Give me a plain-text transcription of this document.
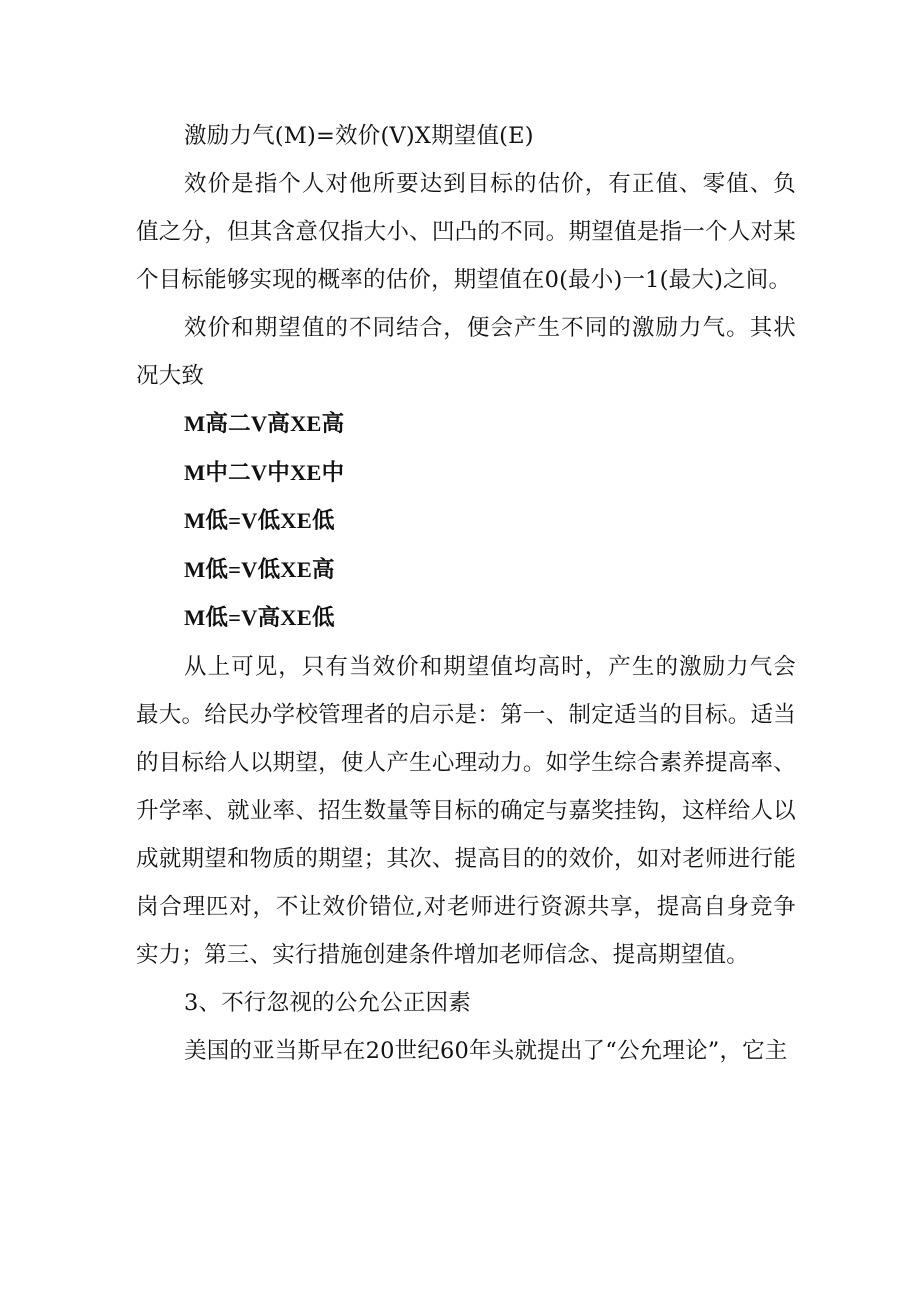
激励力气(M)=效价(V)X期望值(E)

效价是指个人对他所要达到目标的估价，有正值、零值、负值之分，但其含意仅指大小、凹凸的不同。期望值是指一个人对某个目标能够实现的概率的估价，期望值在0(最小)一1(最大)之间。

效价和期望值的不同结合，便会产生不同的激励力气。其状况大致

M高二V高XE高
M中二V中XE中
M低=V低XE低
M低=V低XE高
M低=V高XE低

从上可见，只有当效价和期望值均高时，产生的激励力气会最大。给民办学校管理者的启示是：第一、制定适当的目标。适当的目标给人以期望，使人产生心理动力。如学生综合素养提高率、升学率、就业率、招生数量等目标的确定与嘉奖挂钩，这样给人以成就期望和物质的期望；其次、提高目的的效价，如对老师进行能岗合理匹对，不让效价错位,对老师进行资源共享，提高自身竞争实力；第三、实行措施创建条件增加老师信念、提高期望值。

3、不行忽视的公允公正因素

美国的亚当斯早在20世纪60年头就提出了“公允理论”，它主
